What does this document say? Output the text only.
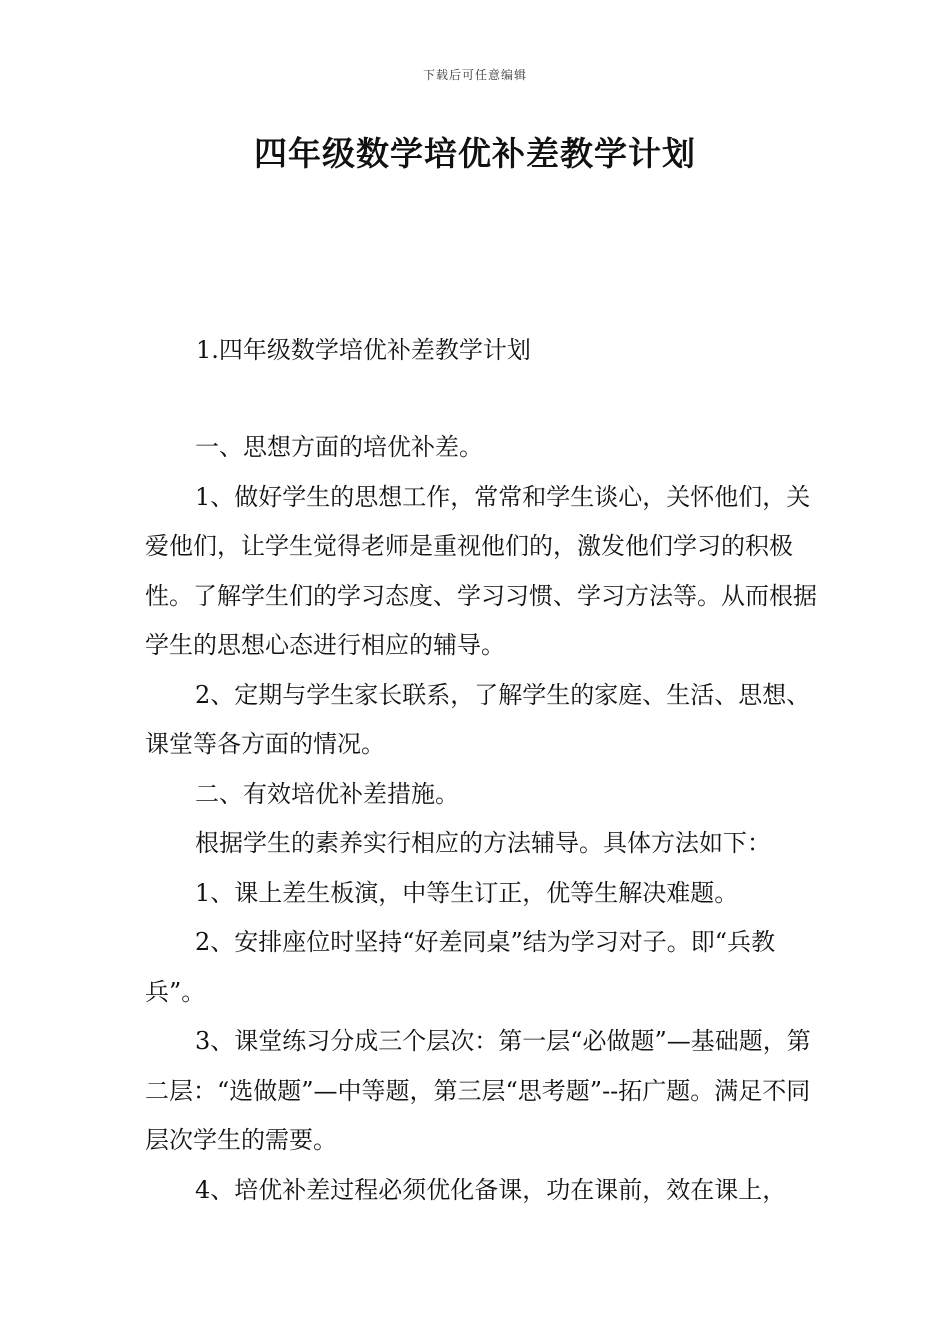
下载后可任意编辑
四年级数学培优补差教学计划
1.四年级数学培优补差教学计划

一、思想方面的培优补差。

1、做好学生的思想工作，常常和学生谈心，关怀他们，关爱他们，让学生觉得老师是重视他们的，激发他们学习的积极性。了解学生们的学习态度、学习习惯、学习方法等。从而根据学生的思想心态进行相应的辅导。

2、定期与学生家长联系，了解学生的家庭、生活、思想、课堂等各方面的情况。

二、有效培优补差措施。

根据学生的素养实行相应的方法辅导。具体方法如下：

1、课上差生板演，中等生订正，优等生解决难题。

2、安排座位时坚持“好差同桌”结为学习对子。即“兵教兵”。

3、课堂练习分成三个层次：第一层“必做题”—基础题，第二层：“选做题”—中等题，第三层“思考题”--拓广题。满足不同层次学生的需要。

4、培优补差过程必须优化备课，功在课前，效在课上，
